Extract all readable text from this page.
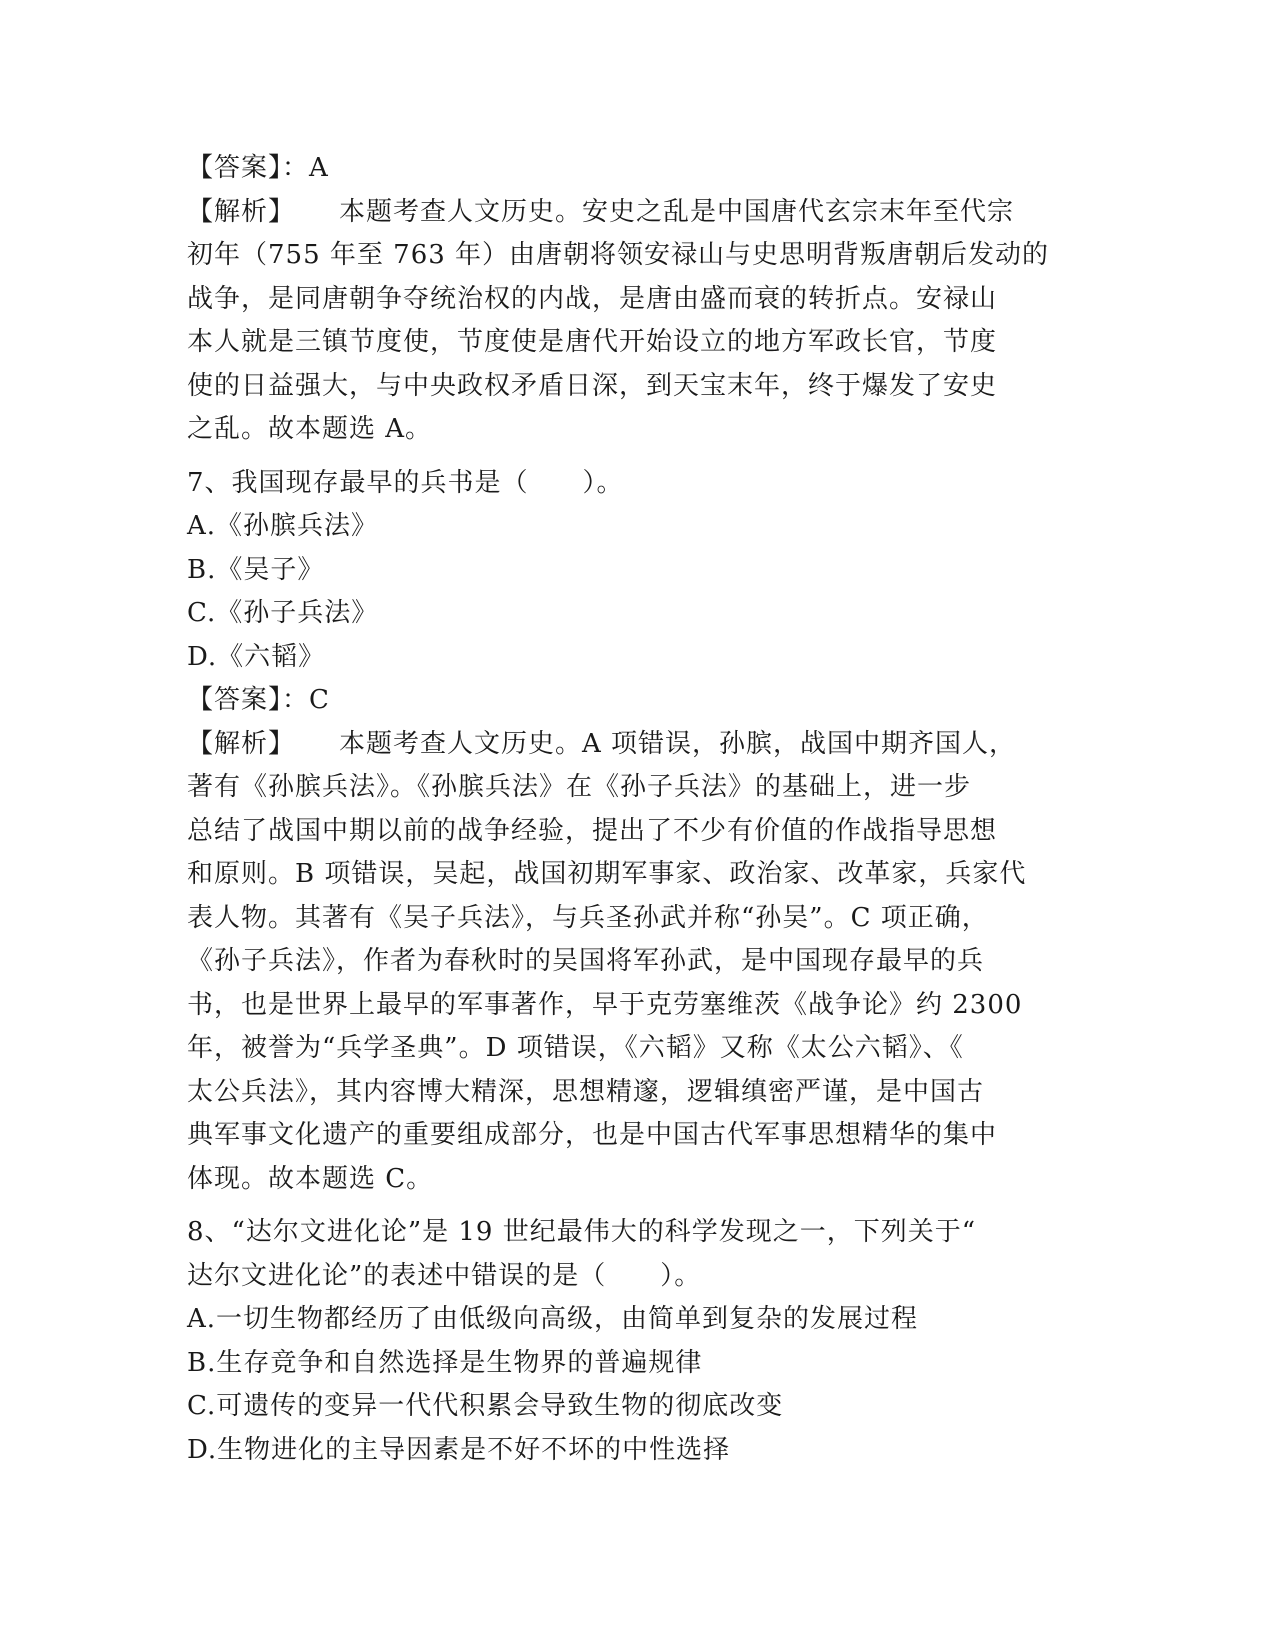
【答案】：A
【解析】 本题考查人文历史。安史之乱是中国唐代玄宗末年至代宗
初年（755 年至 763 年）由唐朝将领安禄山与史思明背叛唐朝后发动的
战争，是同唐朝争夺统治权的内战，是唐由盛而衰的转折点。安禄山
本人就是三镇节度使，节度使是唐代开始设立的地方军政长官，节度
使的日益强大，与中央政权矛盾日深，到天宝末年，终于爆发了安史
之乱。故本题选 A。
7、我国现存最早的兵书是（　　）。
A.《孙膑兵法》
B.《吴子》
C.《孙子兵法》
D.《六韬》
【答案】：C
【解析】 本题考查人文历史。A 项错误，孙膑，战国中期齐国人，
著有《孙膑兵法》。《孙膑兵法》在《孙子兵法》的基础上，进一步
总结了战国中期以前的战争经验，提出了不少有价值的作战指导思想
和原则。B 项错误，吴起，战国初期军事家、政治家、改革家，兵家代
表人物。其著有《吴子兵法》，与兵圣孙武并称“孙吴”。C 项正确，
《孙子兵法》，作者为春秋时的吴国将军孙武，是中国现存最早的兵
书，也是世界上最早的军事著作，早于克劳塞维茨《战争论》约 2300
年，被誉为“兵学圣典”。D 项错误，《六韬》又称《太公六韬》、《
太公兵法》，其内容博大精深，思想精邃，逻辑缜密严谨，是中国古
典军事文化遗产的重要组成部分，也是中国古代军事思想精华的集中
体现。故本题选 C。
8、“达尔文进化论”是 19 世纪最伟大的科学发现之一，下列关于“
达尔文进化论”的表述中错误的是（　　）。
A.一切生物都经历了由低级向高级，由简单到复杂的发展过程
B.生存竞争和自然选择是生物界的普遍规律
C.可遗传的变异一代代积累会导致生物的彻底改变
D.生物进化的主导因素是不好不坏的中性选择
